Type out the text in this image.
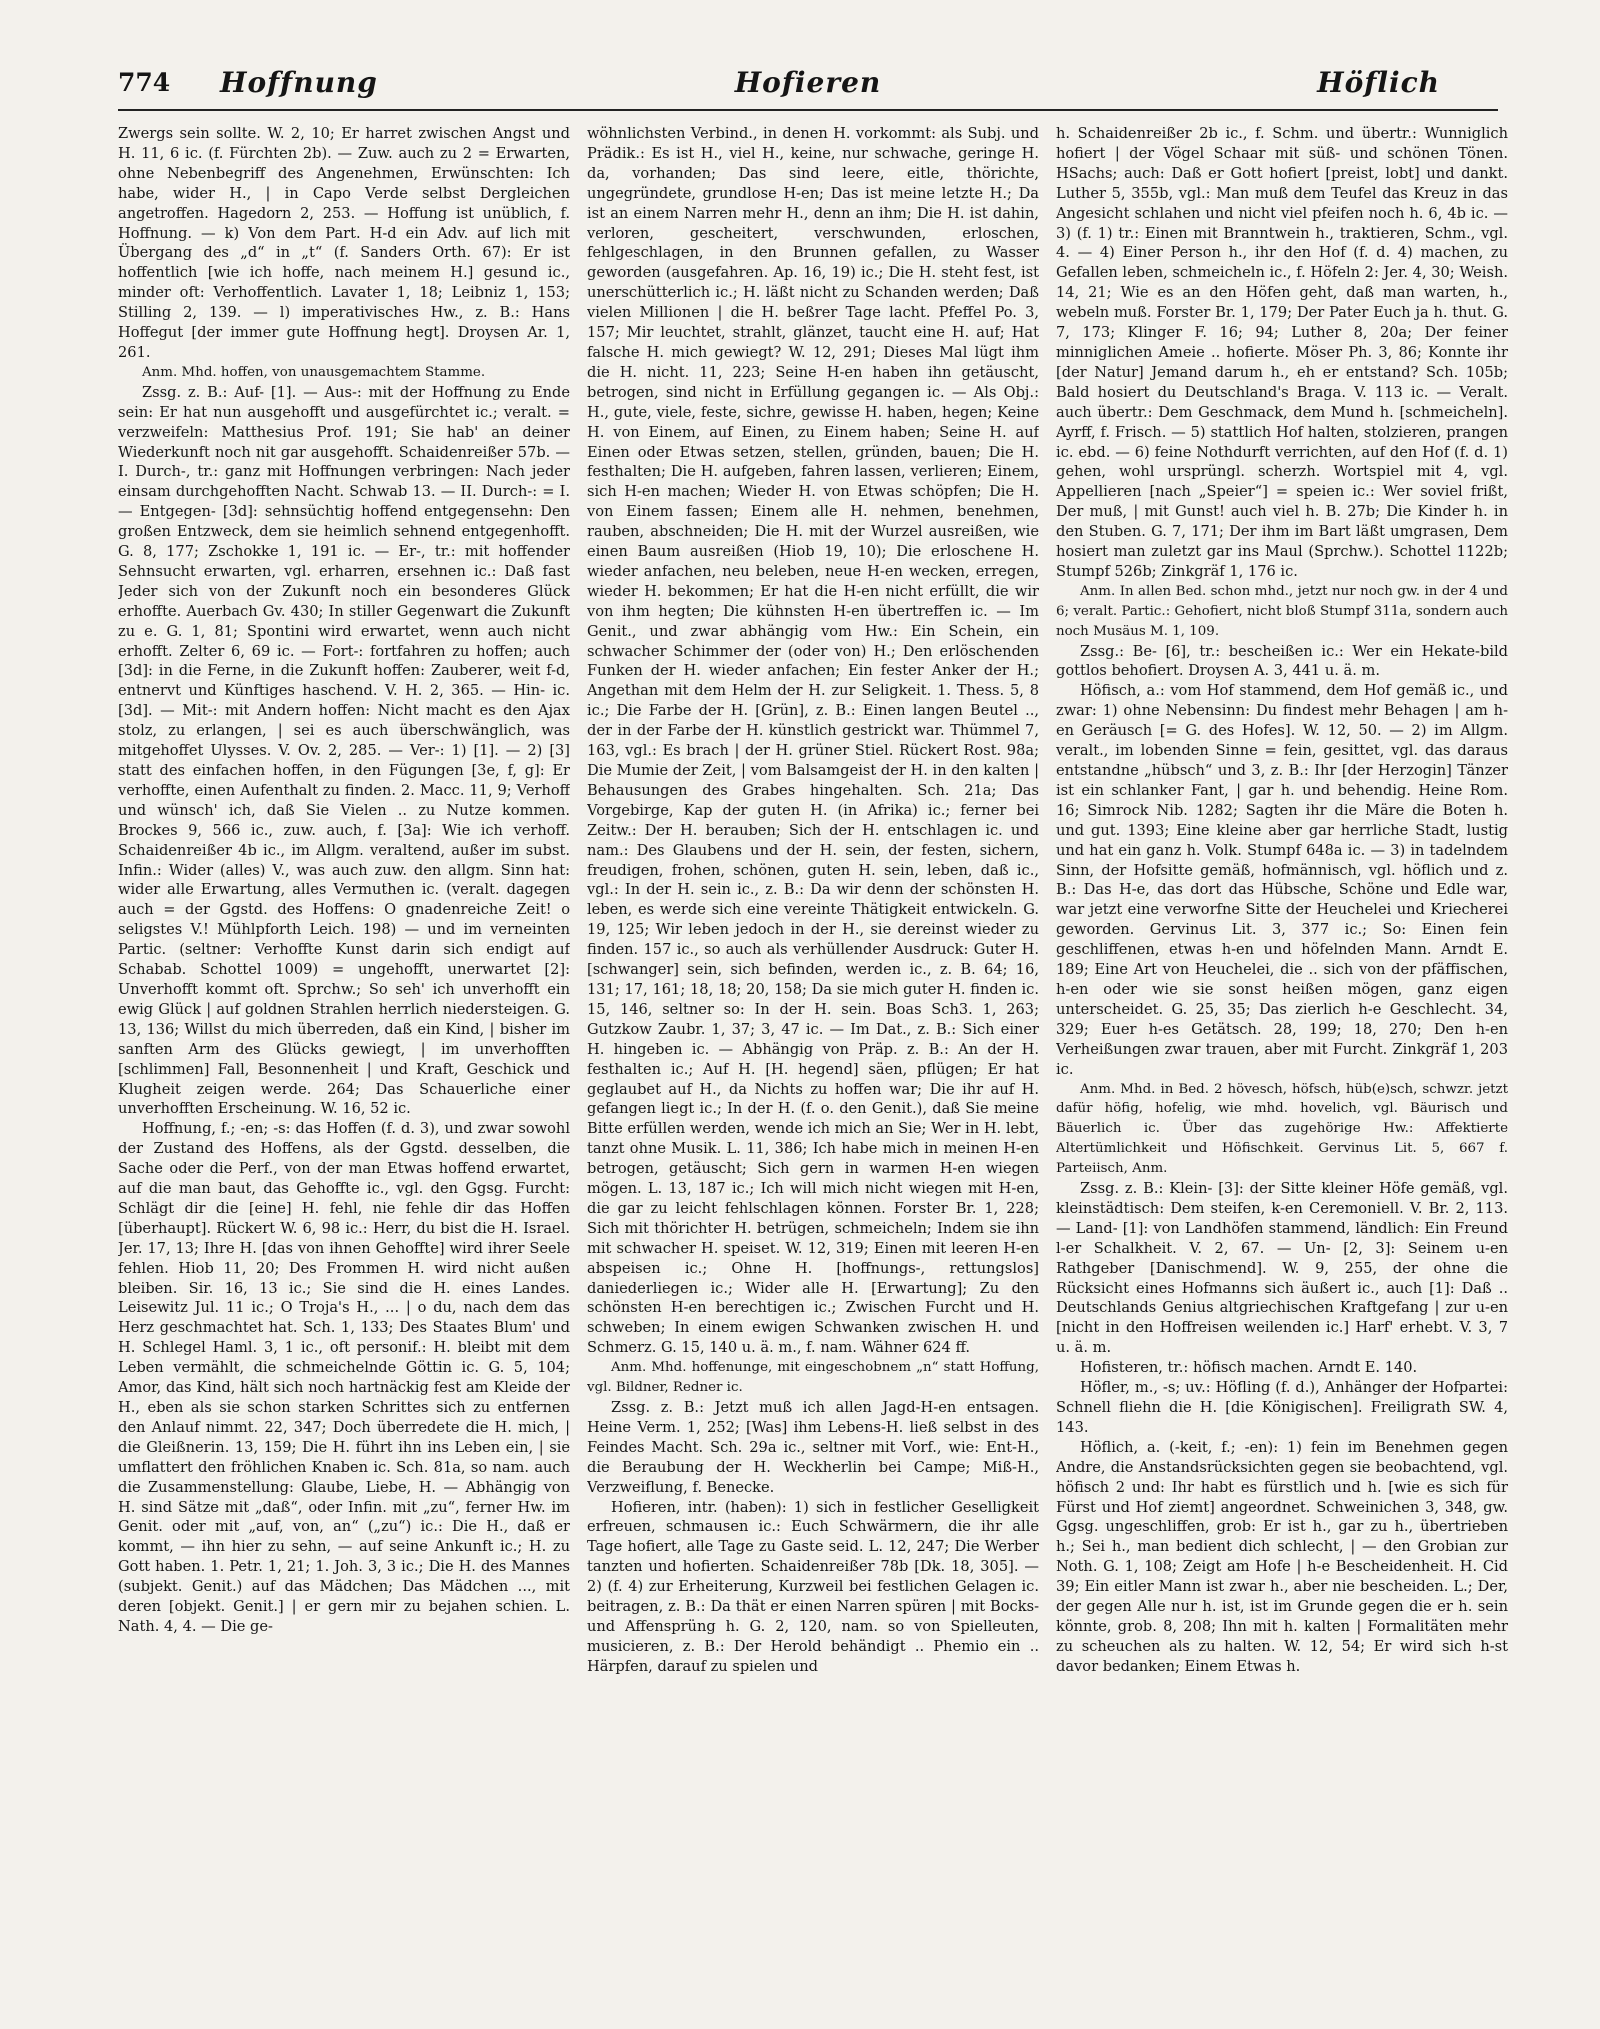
774 Hoffnung	Hofieren	Höflich

Zwergs sein sollte. W. 2, 10; Er harret zwischen Angst und H. 11, 6 ic. (f. Fürchten 2b). — Zuw. auch zu 2 = Erwarten, ohne Nebenbegriff des Angenehmen, Erwünschten: Ich habe, wider H., | in Capo Verde selbst Dergleichen angetroffen. Hagedorn 2, 253. — Hoffung ist unüblich, f. Hoffnung. — k) Von dem Part. H-d ein Adv. auf lich mit Übergang des „d“ in „t“ (f. Sanders Orth. 67): Er ist hoffentlich [wie ich hoffe, nach meinem H.] gesund ic., minder oft: Verhoffentlich. Lavater 1, 18; Leibniz 1, 153; Stilling 2, 139. — l) imperativisches Hw., z. B.: Hans Hoffegut [der immer gute Hoffnung hegt]. Droysen Ar. 1, 261.

Anm. Mhd. hoffen, von unausgemachtem Stamme.

Zssg. z. B.: Auf- [1]. — Aus-: mit der Hoffnung zu Ende sein: Er hat nun ausgehofft und ausgefürchtet ic.; veralt. = verzweifeln: Matthesius Prof. 191; Sie hab' an deiner Wiederkunft noch nit gar ausgehofft. Schaidenreißer 57b. — I. Durch-, tr.: ganz mit Hoffnungen verbringen: Nach jeder einsam durchgehofften Nacht. Schwab 13. — II. Durch-: = I. — Entgegen- [3d]: sehnsüchtig hoffend entgegensehn: Den großen Entzweck, dem sie heimlich sehnend entgegenhofft. G. 8, 177; Zschokke 1, 191 ic. — Er-, tr.: mit hoffender Sehnsucht erwarten, vgl. erharren, ersehnen ic.: Daß fast Jeder sich von der Zukunft noch ein besonderes Glück erhoffte. Auerbach Gv. 430; In stiller Gegenwart die Zukunft zu e. G. 1, 81; Spontini wird erwartet, wenn auch nicht erhofft. Zelter 6, 69 ic. — Fort-: fortfahren zu hoffen; auch [3d]: in die Ferne, in die Zukunft hoffen: Zauberer, weit f-d, entnervt und Künftiges haschend. V. H. 2, 365. — Hin- ic. [3d]. — Mit-: mit Andern hoffen: Nicht macht es den Ajax stolz, zu erlangen, | sei es auch überschwänglich, was mitgehoffet Ulysses. V. Ov. 2, 285. — Ver-: 1) [1]. — 2) [3] statt des einfachen hoffen, in den Fügungen [3e, f, g]: Er verhoffte, einen Aufenthalt zu finden. 2. Macc. 11, 9; Verhoff und wünsch' ich, daß Sie Vielen .. zu Nutze kommen. Brockes 9, 566 ic., zuw. auch, f. [3a]: Wie ich verhoff. Schaidenreißer 4b ic., im Allgm. veraltend, außer im subst. Infin.: Wider (alles) V., was auch zuw. den allgm. Sinn hat: wider alle Erwartung, alles Vermuthen ic. (veralt. dagegen auch = der Ggstd. des Hoffens: O gnadenreiche Zeit! o seligstes V.! Mühlpforth Leich. 198) — und im verneinten Partic. (seltner: Verhoffte Kunst darin sich endigt auf Schabab. Schottel 1009) = ungehofft, unerwartet [2]: Unverhofft kommt oft. Sprchw.; So seh' ich unverhofft ein ewig Glück | auf goldnen Strahlen herrlich niedersteigen. G. 13, 136; Willst du mich überreden, daß ein Kind, | bisher im sanften Arm des Glücks gewiegt, | im unverhofften [schlimmen] Fall, Besonnenheit | und Kraft, Geschick und Klugheit zeigen werde. 264; Das Schauerliche einer unverhofften Erscheinung. W. 16, 52 ic.

Hoffnung, f.; -en; -s: das Hoffen (f. d. 3), und zwar sowohl der Zustand des Hoffens, als der Ggstd. desselben, die Sache oder die Perf., von der man Etwas hoffend erwartet, auf die man baut, das Gehoffte ic., vgl. den Ggsg. Furcht: Schlägt dir die [eine] H. fehl, nie fehle dir das Hoffen [überhaupt]. Rückert W. 6, 98 ic.: Herr, du bist die H. Israel. Jer. 17, 13; Ihre H. [das von ihnen Gehoffte] wird ihrer Seele fehlen. Hiob 11, 20; Des Frommen H. wird nicht außen bleiben. Sir. 16, 13 ic.; Sie sind die H. eines Landes. Leisewitz Jul. 11 ic.; O Troja's H., ... | o du, nach dem das Herz geschmachtet hat. Sch. 1, 133; Des Staates Blum' und H. Schlegel Haml. 3, 1 ic., oft personif.: H. bleibt mit dem Leben vermählt, die schmeichelnde Göttin ic. G. 5, 104; Amor, das Kind, hält sich noch hartnäckig fest am Kleide der H., eben als sie schon starken Schrittes sich zu entfernen den Anlauf nimmt. 22, 347; Doch überredete die H. mich, | die Gleißnerin. 13, 159; Die H. führt ihn ins Leben ein, | sie umflattert den fröhlichen Knaben ic. Sch. 81a, so nam. auch die Zusammenstellung: Glaube, Liebe, H. — Abhängig von H. sind Sätze mit „daß“, oder Infin. mit „zu“, ferner Hw. im Genit. oder mit „auf, von, an“ („zu“) ic.: Die H., daß er kommt, — ihn hier zu sehn, — auf seine Ankunft ic.; H. zu Gott haben. 1. Petr. 1, 21; 1. Joh. 3, 3 ic.; Die H. des Mannes (subjekt. Genit.) auf das Mädchen; Das Mädchen ..., mit deren [objekt. Genit.] | er gern mir zu bejahen schien. L. Nath. 4, 4. — Die ge-

wöhnlichsten Verbind., in denen H. vorkommt: als Subj. und Prädik.: Es ist H., viel H., keine, nur schwache, geringe H. da, vorhanden; Das sind leere, eitle, thörichte, ungegründete, grundlose H-en; Das ist meine letzte H.; Da ist an einem Narren mehr H., denn an ihm; Die H. ist dahin, verloren, gescheitert, verschwunden, erloschen, fehlgeschlagen, in den Brunnen gefallen, zu Wasser geworden (ausgefahren. Ap. 16, 19) ic.; Die H. steht fest, ist unerschütterlich ic.; H. läßt nicht zu Schanden werden; Daß vielen Millionen | die H. beßrer Tage lacht. Pfeffel Po. 3, 157; Mir leuchtet, strahlt, glänzet, taucht eine H. auf; Hat falsche H. mich gewiegt? W. 12, 291; Dieses Mal lügt ihm die H. nicht. 11, 223; Seine H-en haben ihn getäuscht, betrogen, sind nicht in Erfüllung gegangen ic. — Als Obj.: H., gute, viele, feste, sichre, gewisse H. haben, hegen; Keine H. von Einem, auf Einen, zu Einem haben; Seine H. auf Einen oder Etwas setzen, stellen, gründen, bauen; Die H. festhalten; Die H. aufgeben, fahren lassen, verlieren; Einem, sich H-en machen; Wieder H. von Etwas schöpfen; Die H. von Einem fassen; Einem alle H. nehmen, benehmen, rauben, abschneiden; Die H. mit der Wurzel ausreißen, wie einen Baum ausreißen (Hiob 19, 10); Die erloschene H. wieder anfachen, neu beleben, neue H-en wecken, erregen, wieder H. bekommen; Er hat die H-en nicht erfüllt, die wir von ihm hegten; Die kühnsten H-en übertreffen ic. — Im Genit., und zwar abhängig vom Hw.: Ein Schein, ein schwacher Schimmer der (oder von) H.; Den erlöschenden Funken der H. wieder anfachen; Ein fester Anker der H.; Angethan mit dem Helm der H. zur Seligkeit. 1. Thess. 5, 8 ic.; Die Farbe der H. [Grün], z. B.: Einen langen Beutel .., der in der Farbe der H. künstlich gestrickt war. Thümmel 7, 163, vgl.: Es brach | der H. grüner Stiel. Rückert Rost. 98a; Die Mumie der Zeit, | vom Balsamgeist der H. in den kalten | Behausungen des Grabes hingehalten. Sch. 21a; Das Vorgebirge, Kap der guten H. (in Afrika) ic.; ferner bei Zeitw.: Der H. berauben; Sich der H. entschlagen ic. und nam.: Des Glaubens und der H. sein, der festen, sichern, freudigen, frohen, schönen, guten H. sein, leben, daß ic., vgl.: In der H. sein ic., z. B.: Da wir denn der schönsten H. leben, es werde sich eine vereinte Thätigkeit entwickeln. G. 19, 125; Wir leben jedoch in der H., sie dereinst wieder zu finden. 157 ic., so auch als verhüllender Ausdruck: Guter H. [schwanger] sein, sich befinden, werden ic., z. B. 64; 16, 131; 17, 161; 18, 18; 20, 158; Da sie mich guter H. finden ic. 15, 146, seltner so: In der H. sein. Boas Sch3. 1, 263; Gutzkow Zaubr. 1, 37; 3, 47 ic. — Im Dat., z. B.: Sich einer H. hingeben ic. — Abhängig von Präp. z. B.: An der H. festhalten ic.; Auf H. [H. hegend] säen, pflügen; Er hat geglaubet auf H., da Nichts zu hoffen war; Die ihr auf H. gefangen liegt ic.; In der H. (f. o. den Genit.), daß Sie meine Bitte erfüllen werden, wende ich mich an Sie; Wer in H. lebt, tanzt ohne Musik. L. 11, 386; Ich habe mich in meinen H-en betrogen, getäuscht; Sich gern in warmen H-en wiegen mögen. L. 13, 187 ic.; Ich will mich nicht wiegen mit H-en, die gar zu leicht fehlschlagen können. Forster Br. 1, 228; Sich mit thörichter H. betrügen, schmeicheln; Indem sie ihn mit schwacher H. speiset. W. 12, 319; Einen mit leeren H-en abspeisen ic.; Ohne H. [hoffnungs-, rettungslos] daniederliegen ic.; Wider alle H. [Erwartung]; Zu den schönsten H-en berechtigen ic.; Zwischen Furcht und H. schweben; In einem ewigen Schwanken zwischen H. und Schmerz. G. 15, 140 u. ä. m., f. nam. Wähner 624 ff.

Anm. Mhd. hoffenunge, mit eingeschobnem „n“ statt Hoffung, vgl. Bildner, Redner ic.

Zssg. z. B.: Jetzt muß ich allen Jagd-H-en entsagen. Heine Verm. 1, 252; [Was] ihm Lebens-H. ließ selbst in des Feindes Macht. Sch. 29a ic., seltner mit Vorf., wie: Ent-H., die Beraubung der H. Weckherlin bei Campe; Miß-H., Verzweiflung, f. Benecke.

Hofieren, intr. (haben): 1) sich in festlicher Geselligkeit erfreuen, schmausen ic.: Euch Schwärmern, die ihr alle Tage hofiert, alle Tage zu Gaste seid. L. 12, 247; Die Werber tanzten und hofierten. Schaidenreißer 78b [Dk. 18, 305]. — 2) (f. 4) zur Erheiterung, Kurzweil bei festlichen Gelagen ic. beitragen, z. B.: Da thät er einen Narren spüren | mit Bocks- und Affensprüng h. G. 2, 120, nam. so von Spielleuten, musicieren, z. B.: Der Herold behändigt .. Phemio ein .. Härpfen, darauf zu spielen und

h. Schaidenreißer 2b ic., f. Schm. und übertr.: Wunniglich hofiert | der Vögel Schaar mit süß- und schönen Tönen. HSachs; auch: Daß er Gott hofiert [preist, lobt] und dankt. Luther 5, 355b, vgl.: Man muß dem Teufel das Kreuz in das Angesicht schlahen und nicht viel pfeifen noch h. 6, 4b ic. — 3) (f. 1) tr.: Einen mit Branntwein h., traktieren, Schm., vgl. 4. — 4) Einer Person h., ihr den Hof (f. d. 4) machen, zu Gefallen leben, schmeicheln ic., f. Höfeln 2: Jer. 4, 30; Weish. 14, 21; Wie es an den Höfen geht, daß man warten, h., webeln muß. Forster Br. 1, 179; Der Pater Euch ja h. thut. G. 7, 173; Klinger F. 16; 94; Luther 8, 20a; Der feiner minniglichen Ameie .. hofierte. Möser Ph. 3, 86; Konnte ihr [der Natur] Jemand darum h., eh er entstand? Sch. 105b; Bald hosiert du Deutschland's Braga. V. 113 ic. — Veralt. auch übertr.: Dem Geschmack, dem Mund h. [schmeicheln]. Ayrff, f. Frisch. — 5) stattlich Hof halten, stolzieren, prangen ic. ebd. — 6) feine Nothdurft verrichten, auf den Hof (f. d. 1) gehen, wohl ursprüngl. scherzh. Wortspiel mit 4, vgl. Appellieren [nach „Speier“] = speien ic.: Wer soviel frißt, Der muß, | mit Gunst! auch viel h. B. 27b; Die Kinder h. in den Stuben. G. 7, 171; Der ihm im Bart läßt umgrasen, Dem hosiert man zuletzt gar ins Maul (Sprchw.). Schottel 1122b; Stumpf 526b; Zinkgräf 1, 176 ic.

Anm. In allen Bed. schon mhd., jetzt nur noch gw. in der 4 und 6; veralt. Partic.: Gehofiert, nicht bloß Stumpf 311a, sondern auch noch Musäus M. 1, 109.

Zssg.: Be- [6], tr.: bescheißen ic.: Wer ein Hekate-bild gottlos behofiert. Droysen A. 3, 441 u. ä. m.

Höfisch, a.: vom Hof stammend, dem Hof gemäß ic., und zwar: 1) ohne Nebensinn: Du findest mehr Behagen | am h-en Geräusch [= G. des Hofes]. W. 12, 50. — 2) im Allgm. veralt., im lobenden Sinne = fein, gesittet, vgl. das daraus entstandne „hübsch“ und 3, z. B.: Ihr [der Herzogin] Tänzer ist ein schlanker Fant, | gar h. und behendig. Heine Rom. 16; Simrock Nib. 1282; Sagten ihr die Märe die Boten h. und gut. 1393; Eine kleine aber gar herrliche Stadt, lustig und hat ein ganz h. Volk. Stumpf 648a ic. — 3) in tadelndem Sinn, der Hofsitte gemäß, hofmännisch, vgl. höflich und z. B.: Das H-e, das dort das Hübsche, Schöne und Edle war, war jetzt eine verworfne Sitte der Heuchelei und Kriecherei geworden. Gervinus Lit. 3, 377 ic.; So: Einen fein geschliffenen, etwas h-en und höfelnden Mann. Arndt E. 189; Eine Art von Heuchelei, die .. sich von der pfäffischen, h-en oder wie sie sonst heißen mögen, ganz eigen unterscheidet. G. 25, 35; Das zierlich h-e Geschlecht. 34, 329; Euer h-es Getätsch. 28, 199; 18, 270; Den h-en Verheißungen zwar trauen, aber mit Furcht. Zinkgräf 1, 203 ic.

Anm. Mhd. in Bed. 2 hövesch, höfsch, hüb(e)sch, schwzr. jetzt dafür höfig, hofelig, wie mhd. hovelich, vgl. Bäurisch und Bäuerlich ic. Über das zugehörige Hw.: Affektierte Altertümlichkeit und Höfischkeit. Gervinus Lit. 5, 667 f. Parteiisch, Anm.

Zssg. z. B.: Klein- [3]: der Sitte kleiner Höfe gemäß, vgl. kleinstädtisch: Dem steifen, k-en Ceremoniell. V. Br. 2, 113. — Land- [1]: von Landhöfen stammend, ländlich: Ein Freund l-er Schalkheit. V. 2, 67. — Un- [2, 3]: Seinem u-en Rathgeber [Danischmend]. W. 9, 255, der ohne die Rücksicht eines Hofmanns sich äußert ic., auch [1]: Daß .. Deutschlands Genius altgriechischen Kraftgefang | zur u-en [nicht in den Hoffreisen weilenden ic.] Harf' erhebt. V. 3, 7 u. ä. m.

Hofisteren, tr.: höfisch machen. Arndt E. 140.

Höfler, m., -s; uv.: Höfling (f. d.), Anhänger der Hofpartei: Schnell fliehn die H. [die Königischen]. Freiligrath SW. 4, 143.

Höflich, a. (-keit, f.; -en): 1) fein im Benehmen gegen Andre, die Anstandsrücksichten gegen sie beobachtend, vgl. höfisch 2 und: Ihr habt es fürstlich und h. [wie es sich für Fürst und Hof ziemt] angeordnet. Schweinichen 3, 348, gw. Ggsg. ungeschliffen, grob: Er ist h., gar zu h., übertrieben h.; Sei h., man bedient dich schlecht, | — den Grobian zur Noth. G. 1, 108; Zeigt am Hofe | h-e Bescheidenheit. H. Cid 39; Ein eitler Mann ist zwar h., aber nie bescheiden. L.; Der, der gegen Alle nur h. ist, ist im Grunde gegen die er h. sein könnte, grob. 8, 208; Ihn mit h. kalten | Formalitäten mehr zu scheuchen als zu halten. W. 12, 54; Er wird sich h-st davor bedanken; Einem Etwas h.
